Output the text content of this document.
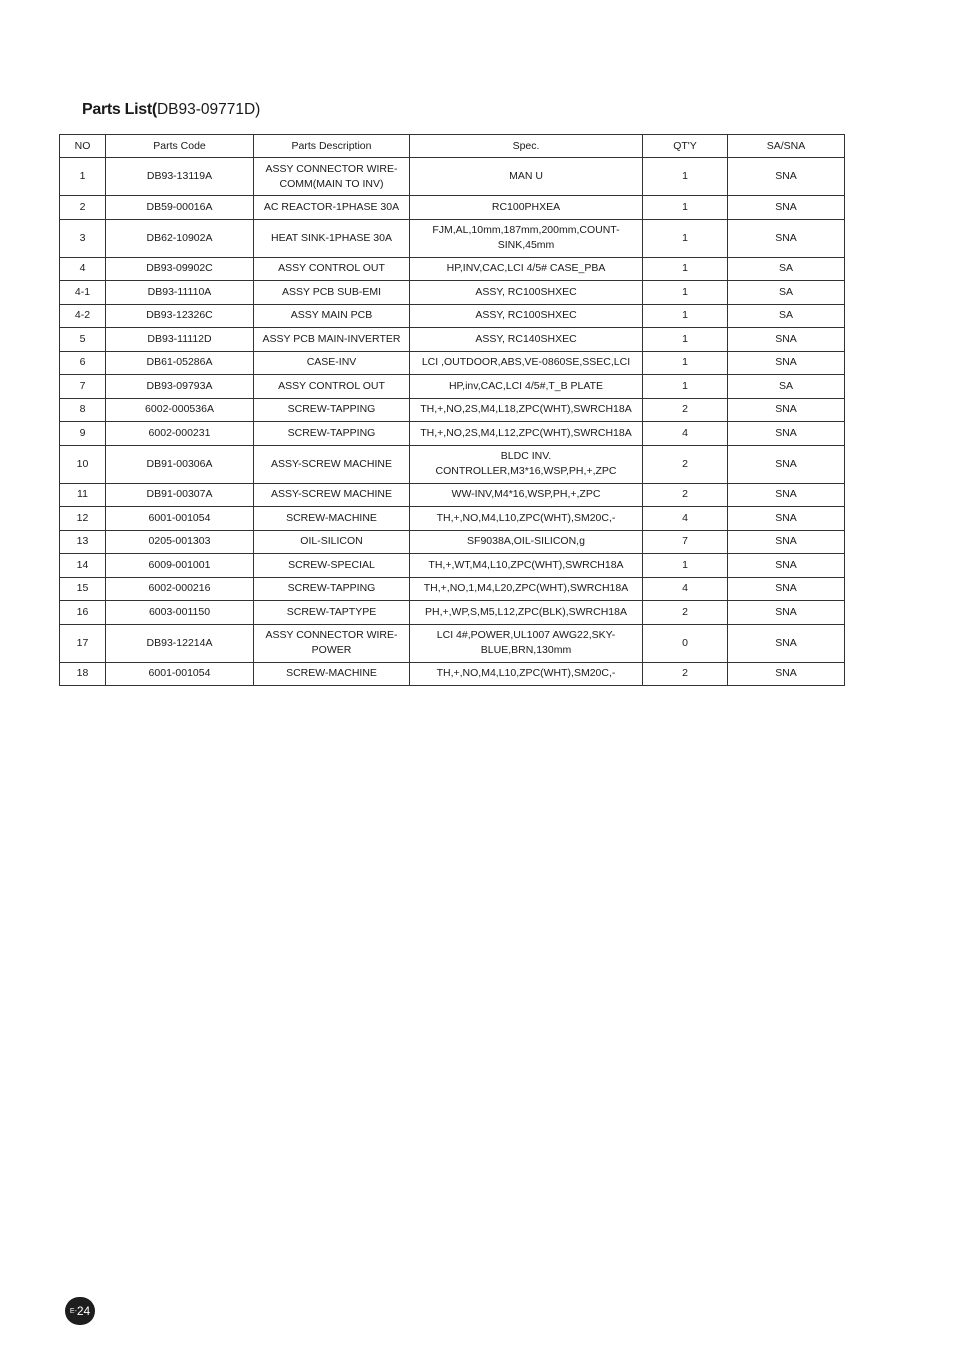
Parts List(DB93-09771D)
NO	Parts Code	Parts Description	Spec.	QT'Y	SA/SNA
1	DB93-13119A	ASSY CONNECTOR WIRE-COMM(MAIN TO INV)	MAN U	1	SNA
2	DB59-00016A	AC REACTOR-1PHASE 30A	RC100PHXEA	1	SNA
3	DB62-10902A	HEAT SINK-1PHASE 30A	FJM,AL,10mm,187mm,200mm,COUNT-SINK,45mm	1	SNA
4	DB93-09902C	ASSY CONTROL OUT	HP,INV,CAC,LCI 4/5# CASE_PBA	1	SA
4-1	DB93-11110A	ASSY PCB SUB-EMI	ASSY, RC100SHXEC	1	SA
4-2	DB93-12326C	ASSY MAIN PCB	ASSY, RC100SHXEC	1	SA
5	DB93-11112D	ASSY PCB MAIN-INVERTER	ASSY, RC140SHXEC	1	SNA
6	DB61-05286A	CASE-INV	LCI ,OUTDOOR,ABS,VE-0860SE,SSEC,LCI	1	SNA
7	DB93-09793A	ASSY CONTROL OUT	HP,inv,CAC,LCI 4/5#,T_B PLATE	1	SA
8	6002-000536A	SCREW-TAPPING	TH,+,NO,2S,M4,L18,ZPC(WHT),SWRCH18A	2	SNA
9	6002-000231	SCREW-TAPPING	TH,+,NO,2S,M4,L12,ZPC(WHT),SWRCH18A	4	SNA
10	DB91-00306A	ASSY-SCREW MACHINE	BLDC INV. CONTROLLER,M3*16,WSP,PH,+,ZPC	2	SNA
11	DB91-00307A	ASSY-SCREW MACHINE	WW-INV,M4*16,WSP,PH,+,ZPC	2	SNA
12	6001-001054	SCREW-MACHINE	TH,+,NO,M4,L10,ZPC(WHT),SM20C,-	4	SNA
13	0205-001303	OIL-SILICON	SF9038A,OIL-SILICON,g	7	SNA
14	6009-001001	SCREW-SPECIAL	TH,+,WT,M4,L10,ZPC(WHT),SWRCH18A	1	SNA
15	6002-000216	SCREW-TAPPING	TH,+,NO,1,M4,L20,ZPC(WHT),SWRCH18A	4	SNA
16	6003-001150	SCREW-TAPTYPE	PH,+,WP,S,M5,L12,ZPC(BLK),SWRCH18A	2	SNA
17	DB93-12214A	ASSY CONNECTOR WIRE-POWER	LCI 4#,POWER,UL1007 AWG22,SKY-BLUE,BRN,130mm	0	SNA
18	6001-001054	SCREW-MACHINE	TH,+,NO,M4,L10,ZPC(WHT),SM20C,-	2	SNA
E-24
